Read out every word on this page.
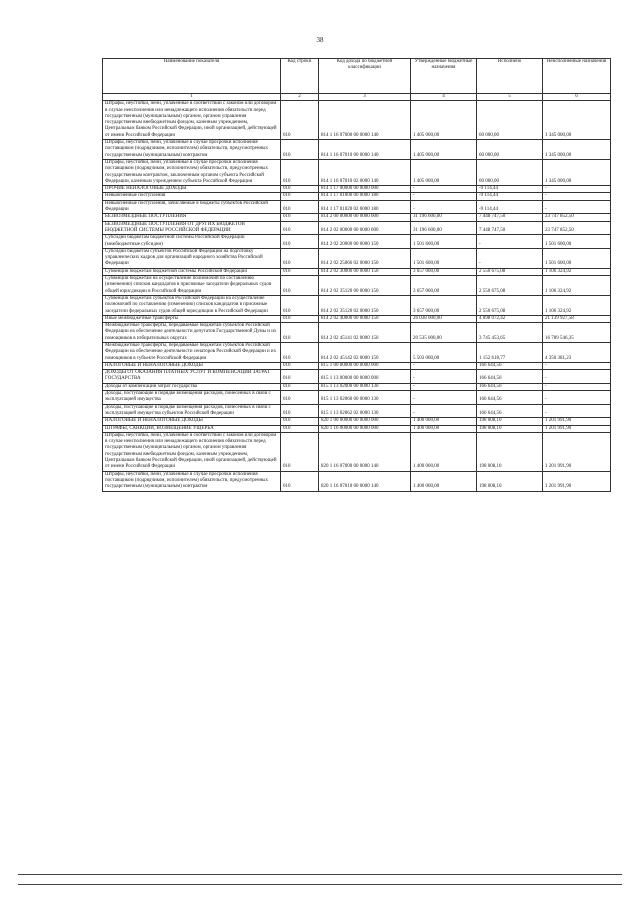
38
Наименование показателя	Код строки	Код дохода по бюджетной классификации	Утвержденные бюджетные назначения	Исполнено	Неисполненные назначения
1	2	3	4	5	6
Штрафы, неустойки, пени, уплаченные в соответствии с законом или договором в случае неисполнения или ненадлежащего исполнения обязательств перед государственным (муниципальным) органом, органом управления государственным внебюджетным фондом, казенным учреждением, Центральным банком Российской Федерации, иной организацией, действующей от имени Российской Федерации	010	814 1 16 07000 00 0000 140	1 405 000,00	60 000,00	1 345 000,00
Штрафы, неустойки, пени, уплаченные в случае просрочки исполнения поставщиком (подрядчиком, исполнителем) обязательств, предусмотренных государственным (муниципальным) контрактом	010	814 1 16 07010 00 0000 140	1 405 000,00	60 000,00	1 345 000,00
Штрафы, неустойки, пени, уплаченные в случае просрочки исполнения поставщиком (подрядчиком, исполнителем) обязательств, предусмотренных государственным контрактом, заключенным органом субъекта Российской Федерации, казенным учреждением субъекта Российской Федерации	010	814 1 16 07010 02 0000 140	1 405 000,00	60 000,00	1 345 000,00
ПРОЧИЕ НЕНАЛОГОВЫЕ ДОХОДЫ	010	814 1 17 00000 00 0000 000	-	-9 114,44	-
Невыясненные поступления	010	814 1 17 01000 00 0000 180	-	-9 114,44	-
Невыясненные поступления, зачисляемые в бюджеты субъектов Российской Федерации	010	814 1 17 01020 02 0000 180	-	-9 114,44	-
БЕЗВОЗМЕЗДНЫЕ ПОСТУПЛЕНИЯ	010	814 2 00 00000 00 0000 000	31 196 600,00	7 448 747,50	23 747 852,50
БЕЗВОЗМЕЗДНЫЕ ПОСТУПЛЕНИЯ ОТ ДРУГИХ БЮДЖЕТОВ БЮДЖЕТНОЙ СИСТЕМЫ РОССИЙСКОЙ ФЕДЕРАЦИИ	010	814 2 02 00000 00 0000 000	31 196 600,00	7 448 747,50	23 747 852,50
Субсидии бюджетам бюджетной системы Российской Федерации (межбюджетные субсидии)	010	814 2 02 20000 00 0000 150	1 501 600,00	-	1 501 600,00
Субсидии бюджетам субъектов Российской Федерации на подготовку управленческих кадров для организаций народного хозяйства Российской Федерации	010	814 2 02 25066 02 0000 150	1 501 600,00	-	1 501 600,00
Субвенции бюджетам бюджетной системы Российской Федерации	010	814 2 02 30000 00 0000 150	3 657 000,00	2 550 675,08	1 106 324,92
Субвенции бюджетам на осуществление полномочий по составлению (изменению) списков кандидатов в присяжные заседатели федеральных судов общей юрисдикции в Российской Федерации	010	814 2 02 35120 00 0000 150	3 657 000,00	2 550 675,08	1 106 324,92
Субвенции бюджетам субъектов Российской Федерации на осуществление полномочий по составлению (изменению) списков кандидатов в присяжные заседатели федеральных судов общей юрисдикции в Российской Федерации	010	814 2 02 35120 02 0000 150	3 657 000,00	2 550 675,08	1 106 324,92
Иные межбюджетные трансферты	010	814 2 02 40000 00 0000 150	26 038 000,00	4 898 072,42	21 139 927,58
Межбюджетные трансферты, передаваемые бюджетам субъектов Российской Федерации на обеспечение деятельности депутатов Государственной Думы и их помощников в избирательных округах	010	814 2 02 45141 02 0000 150	20 535 000,00	3 745 453,65	16 789 546,35
Межбюджетные трансферты, передаваемые бюджетам субъектов Российской Федерации на обеспечение деятельности сенаторов Российской Федерации и их помощников в субъекте Российской Федерации	010	814 2 02 45142 02 0000 150	5 503 000,00	1 152 618,77	4 350 381,23
НАЛОГОВЫЕ И НЕНАЛОГОВЫЕ ДОХОДЫ	010	815 1 00 00000 00 0000 000	-	166 644,56	-
ДОХОДЫ ОТ ОКАЗАНИЯ ПЛАТНЫХ УСЛУГ И КОМПЕНСАЦИИ ЗАТРАТ ГОСУДАРСТВА	010	815 1 13 00000 00 0000 000	-	166 644,56	-
Доходы от компенсации затрат государства	010	815 1 13 02000 00 0000 130	-	166 644,56	-
Доходы, поступающие в порядке возмещения расходов, понесенных в связи с эксплуатацией имущества	010	815 1 13 02060 00 0000 130	-	166 644,56	-
Доходы, поступающие в порядке возмещения расходов, понесенных в связи с эксплуатацией имущества субъектов Российской Федерации	010	815 1 13 02062 02 0000 130	-	166 644,56	-
НАЛОГОВЫЕ И НЕНАЛОГОВЫЕ ДОХОДЫ	010	820 1 00 00000 00 0000 000	1 400 000,00	198 008,10	1 201 991,90
ШТРАФЫ, САНКЦИИ, ВОЗМЕЩЕНИЕ УЩЕРБА	010	820 1 16 00000 00 0000 000	1 400 000,00	198 008,10	1 201 991,90
Штрафы, неустойки, пени, уплаченные в соответствии с законом или договором в случае неисполнения или ненадлежащего исполнения обязательств перед государственным (муниципальным) органом, органом управления государственным внебюджетным фондом, казенным учреждением, Центральным банком Российской Федерации, иной организацией, действующей от имени Российской Федерации	010	820 1 16 07000 00 0000 140	1 400 000,00	198 008,10	1 201 991,90
Штрафы, неустойки, пени, уплаченные в случае просрочки исполнения поставщиком (подрядчиком, исполнителем) обязательств, предусмотренных государственным (муниципальным) контрактом	010	820 1 16 07010 00 0000 140	1 400 000,00	198 008,10	1 201 991,90
